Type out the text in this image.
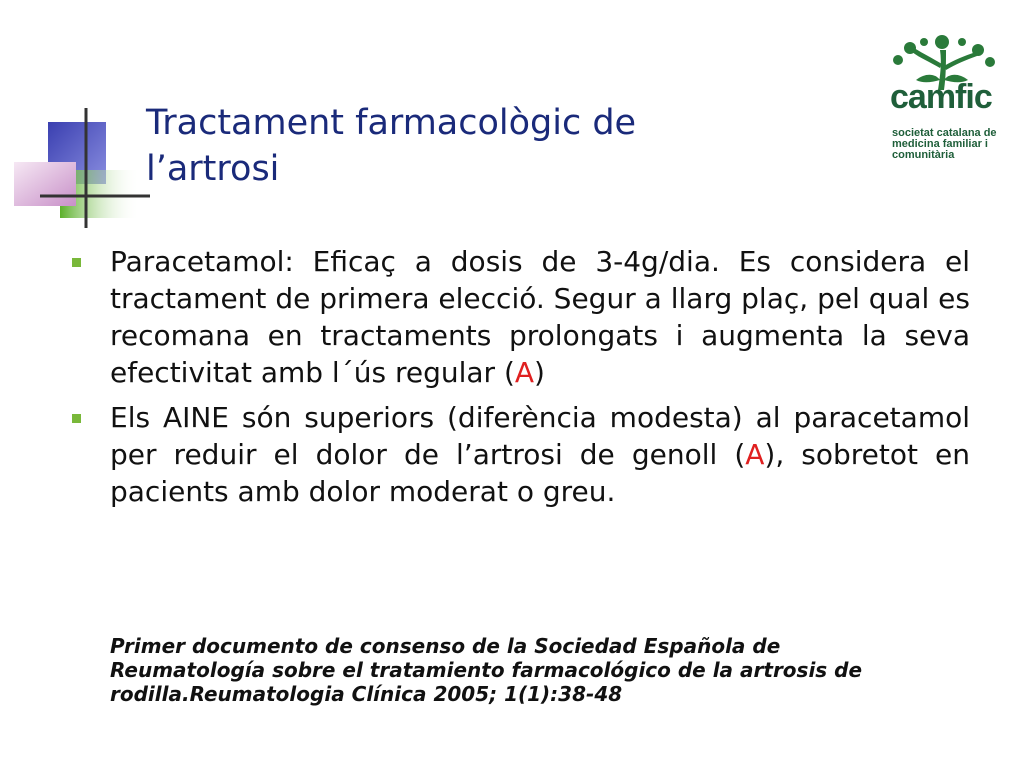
Tractament farmacològic de
l’artrosi
camfic
societat catalana de
medicina familiar i
comunitària
Paracetamol: Eficaç a dosis de 3-4g/dia. Es considera el tractament de primera elecció. Segur a llarg plaç, pel qual es recomana en tractaments prolongats i augmenta la seva efectivitat amb l´ús regular (A)
Els AINE són superiors (diferència modesta) al paracetamol per reduir el dolor de l’artrosi de genoll (A), sobretot en pacients amb dolor moderat o greu.
Primer documento de consenso de la Sociedad Española de
Reumatología sobre el tratamiento farmacológico de la artrosis de
rodilla.Reumatologia Clínica 2005; 1(1):38-48
